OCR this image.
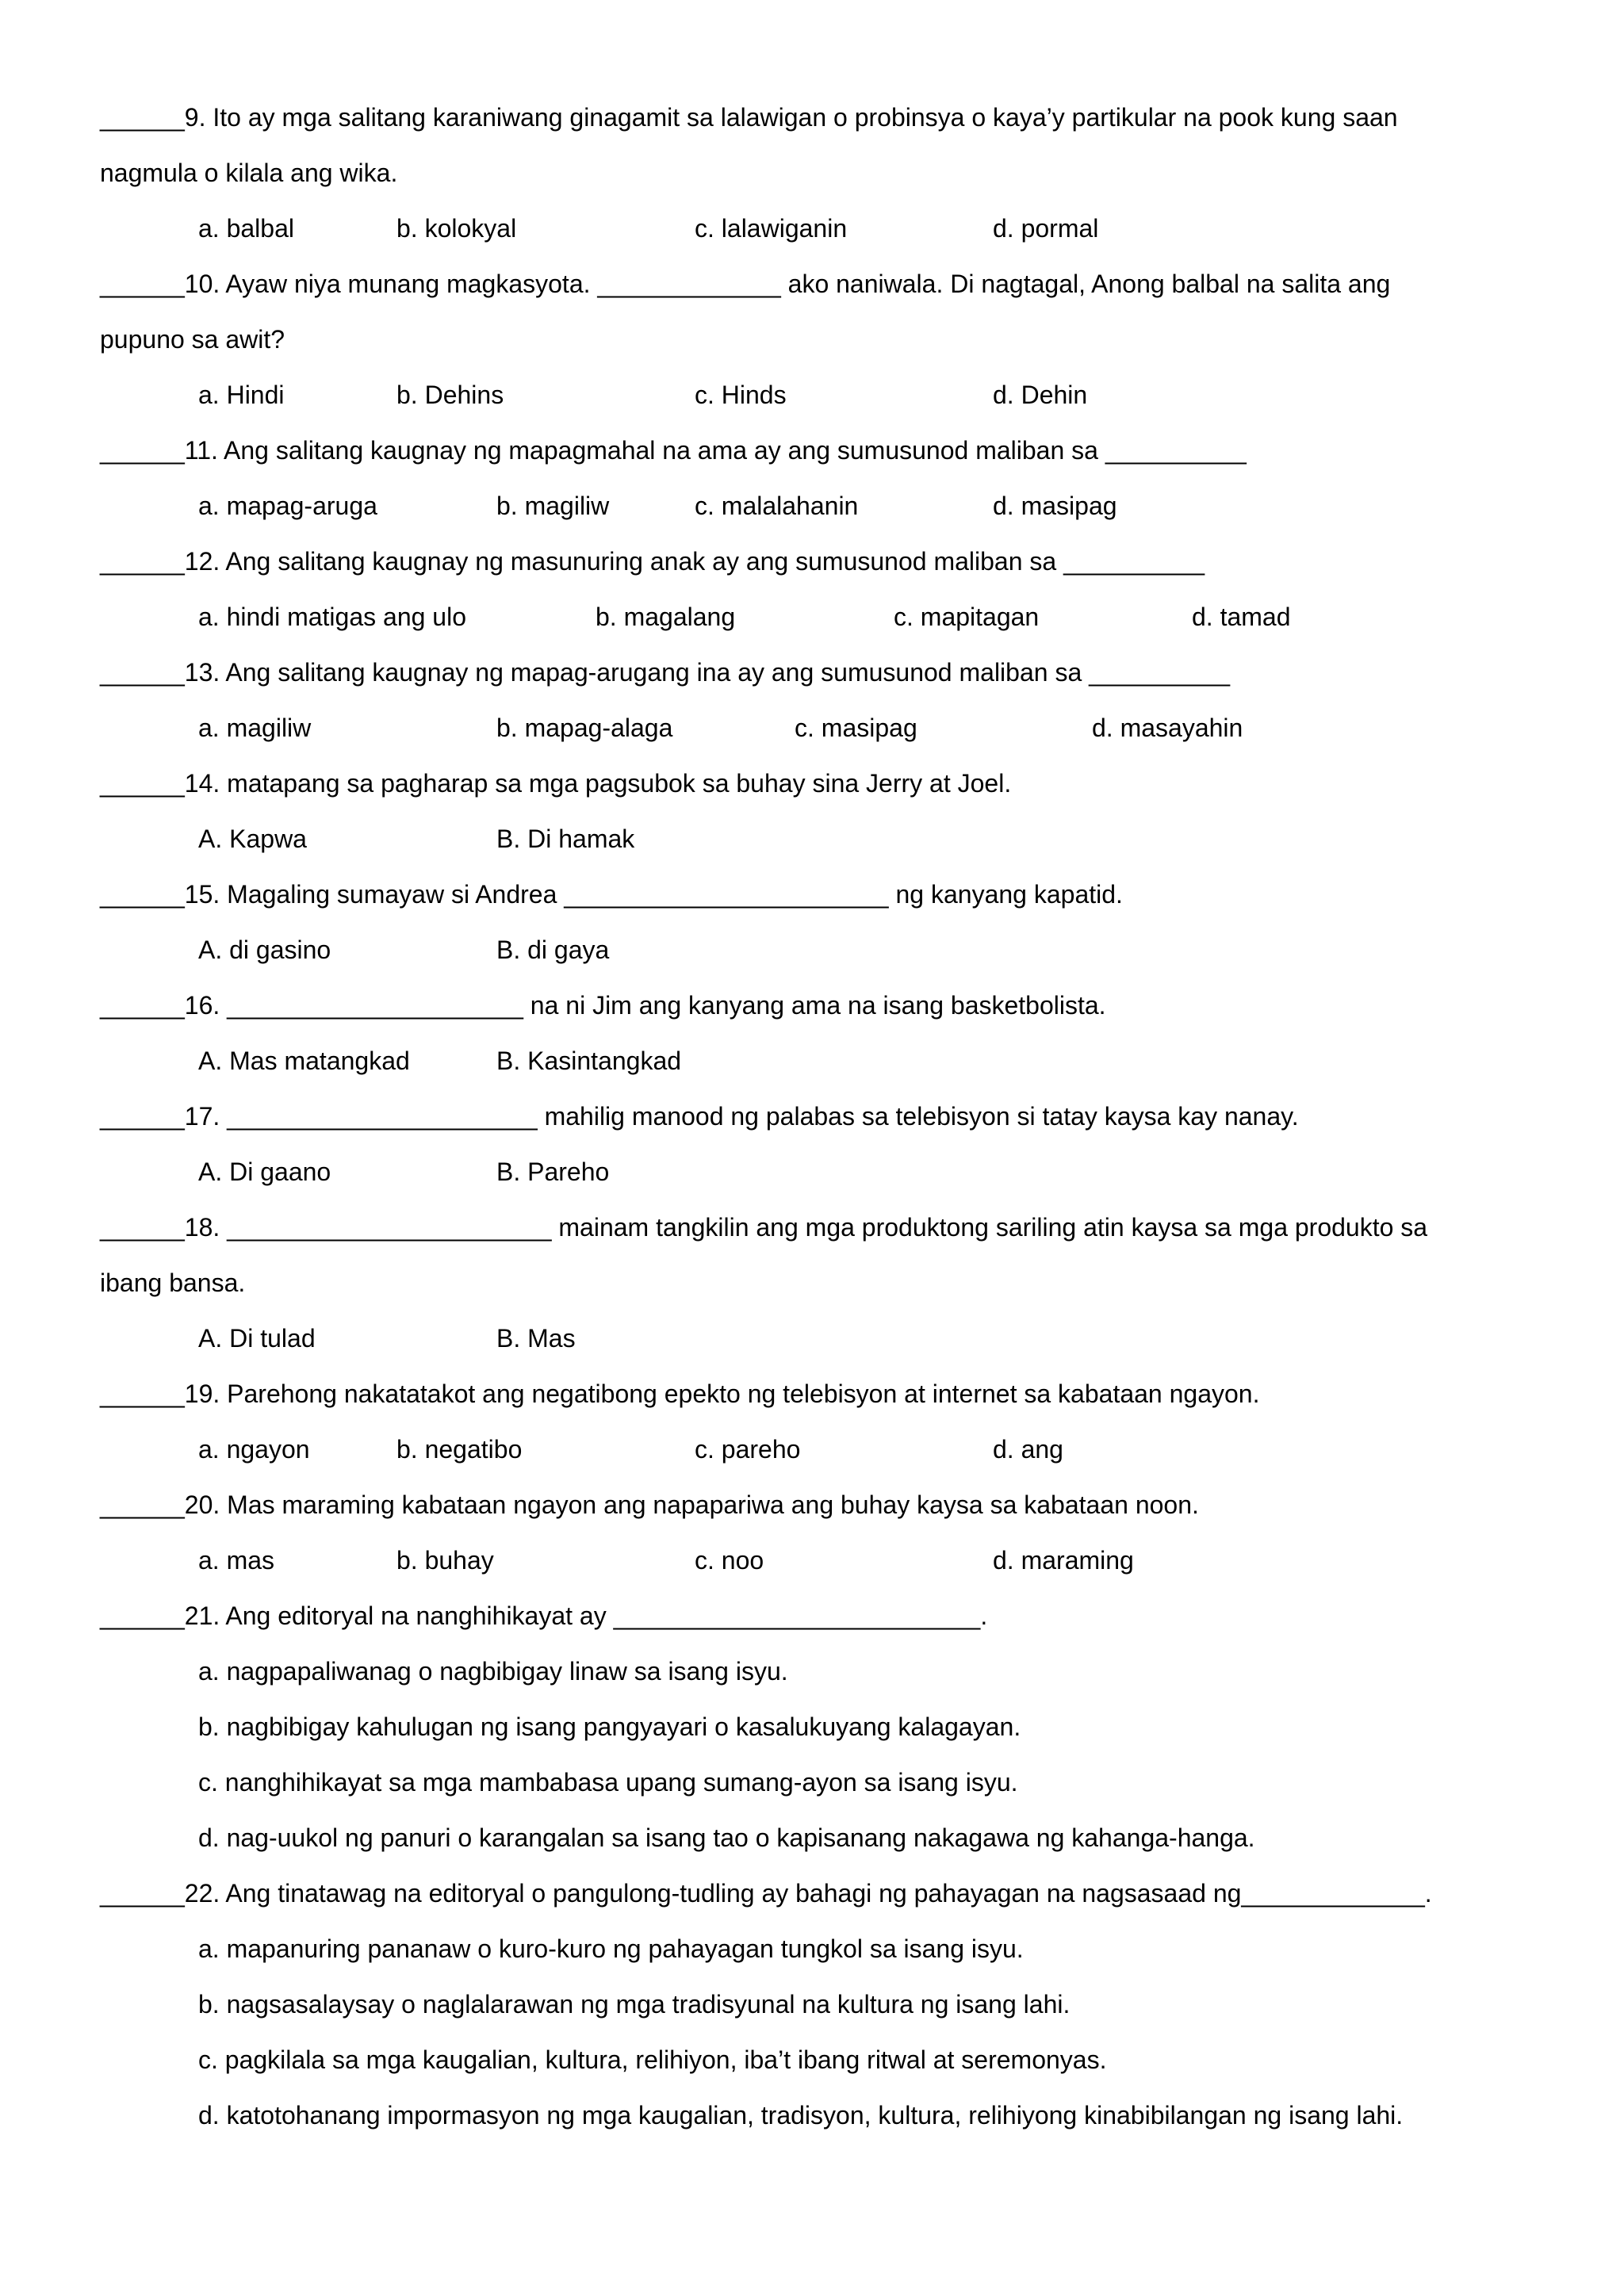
______9. Ito ay mga salitang karaniwang ginagamit sa lalawigan o probinsya o kaya’y partikular na pook kung saan
nagmula o kilala ang wika.
a. balbal	b. kolokyal	c. lalawiganin	d. pormal
______10. Ayaw niya munang magkasyota. _____________ ako naniwala. Di nagtagal, Anong balbal na salita ang
pupuno sa awit?
a. Hindi	b. Dehins	c. Hinds	d. Dehin
______11. Ang salitang kaugnay ng mapagmahal na ama ay ang sumusunod maliban sa __________
a. mapag-aruga	b. magiliw	c. malalahanin	d. masipag
______12. Ang salitang kaugnay ng masunuring anak ay ang sumusunod maliban sa __________
a. hindi matigas ang ulo	b. magalang	c. mapitagan	d. tamad
______13. Ang salitang kaugnay ng mapag-arugang ina ay ang sumusunod maliban sa __________
a. magiliw	b. mapag-alaga	c. masipag	d. masayahin
______14. matapang sa pagharap sa mga pagsubok sa buhay sina Jerry at Joel.
A. Kapwa	B. Di hamak
______15. Magaling sumayaw si Andrea _______________________ ng kanyang kapatid.
A. di gasino	B. di gaya
______16. _____________________ na ni Jim ang kanyang ama na isang basketbolista.
A. Mas matangkad	B. Kasintangkad
______17. ______________________ mahilig manood ng palabas sa telebisyon si tatay kaysa kay nanay.
A. Di gaano	B. Pareho
______18. _______________________ mainam tangkilin ang mga produktong sariling atin kaysa sa mga produkto sa
ibang bansa.
A. Di tulad	B. Mas
______19. Parehong nakatatakot ang negatibong epekto ng telebisyon at internet sa kabataan ngayon.
a. ngayon	b. negatibo	c. pareho	d. ang
______20. Mas maraming kabataan ngayon ang napapariwa ang buhay kaysa sa kabataan noon.
a. mas	b. buhay	c. noo	d. maraming
______21. Ang editoryal na nanghihikayat ay __________________________.
a. nagpapaliwanag o nagbibigay linaw sa isang isyu.
b. nagbibigay kahulugan ng isang pangyayari o kasalukuyang kalagayan.
c. nanghihikayat sa mga mambabasa upang sumang-ayon sa isang isyu.
d. nag-uukol ng panuri o karangalan sa isang tao o kapisanang nakagawa ng kahanga-hanga.
______22. Ang tinatawag na editoryal o pangulong-tudling ay bahagi ng pahayagan na nagsasaad ng_____________.
a. mapanuring pananaw o kuro-kuro ng pahayagan tungkol sa isang isyu.
b. nagsasalaysay o naglalarawan ng mga tradisyunal na kultura ng isang lahi.
c. pagkilala sa mga kaugalian, kultura, relihiyon, iba’t ibang ritwal at seremonyas.
d. katotohanang impormasyon ng mga kaugalian, tradisyon, kultura, relihiyong kinabibilangan ng isang lahi.
